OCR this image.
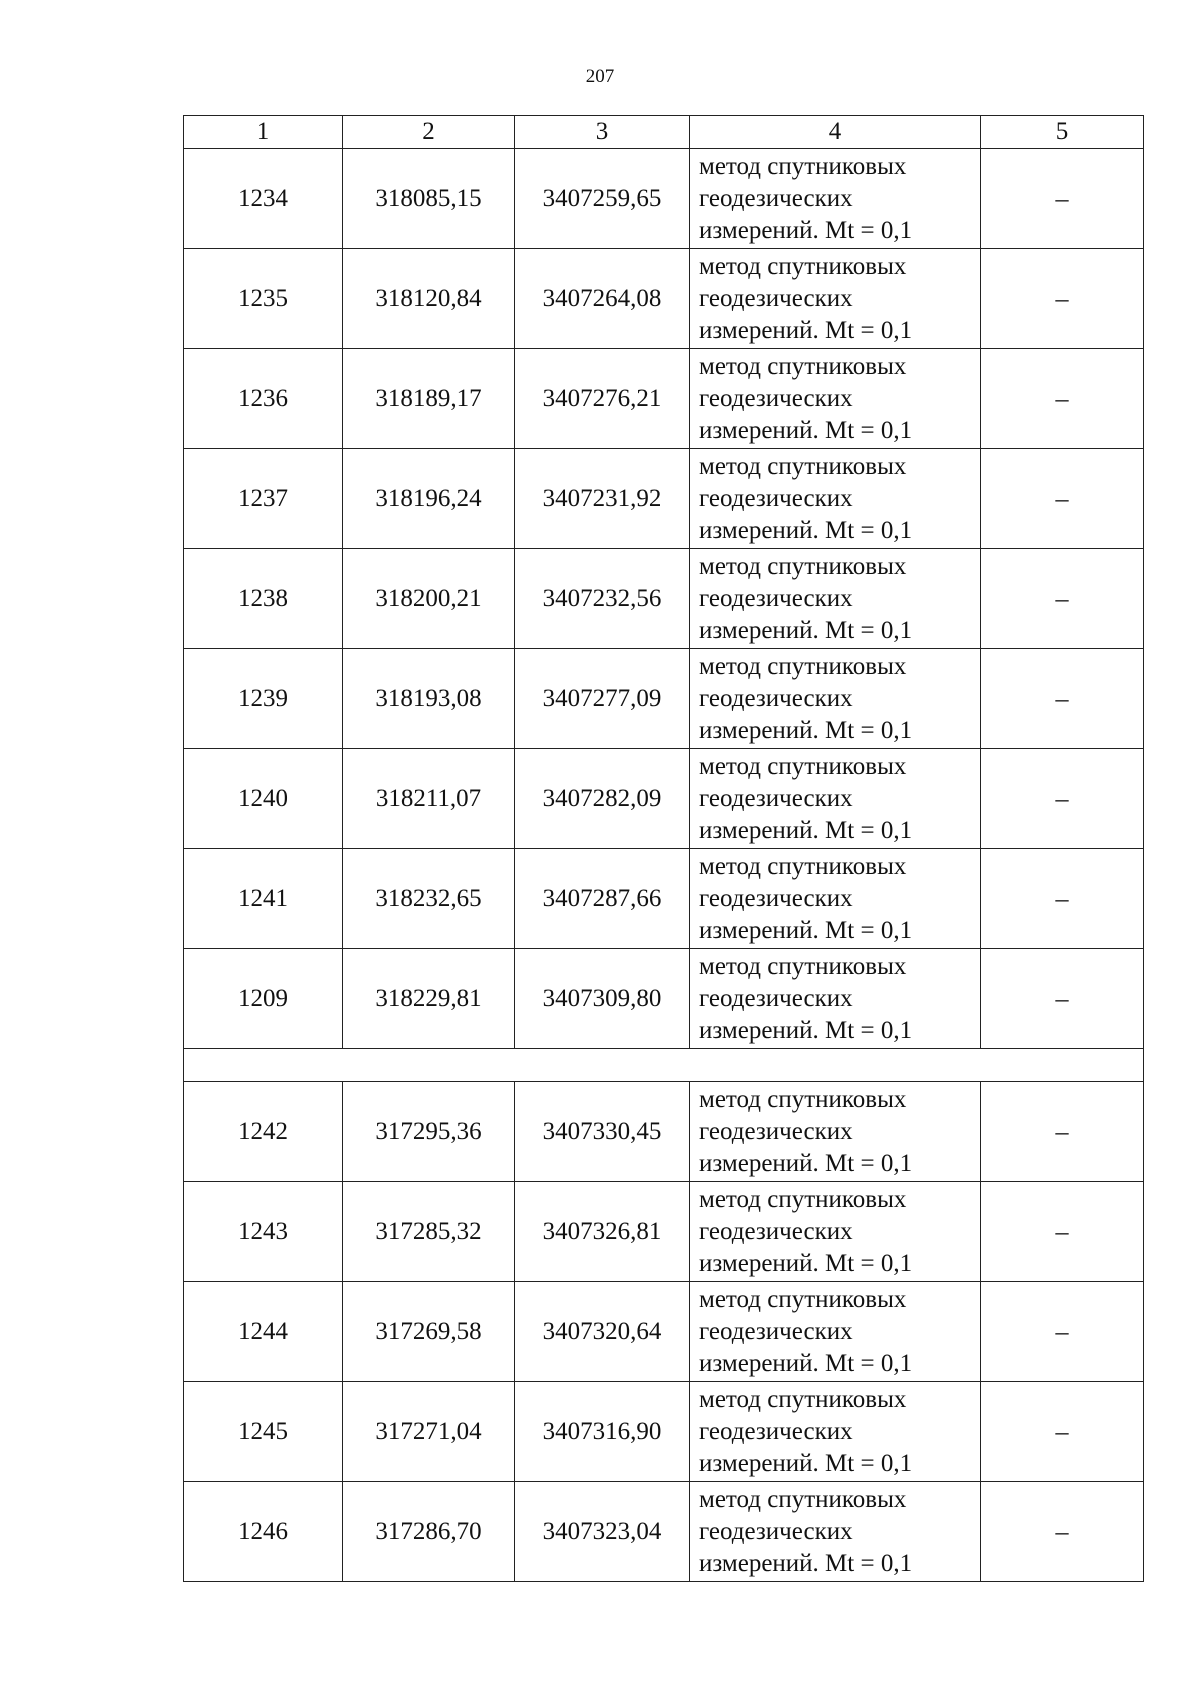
207
1	2	3	4	5
1234	318085,15	3407259,65	метод спутниковых
геодезических
измерений. Mt = 0,1	–
1235	318120,84	3407264,08	метод спутниковых
геодезических
измерений. Mt = 0,1	–
1236	318189,17	3407276,21	метод спутниковых
геодезических
измерений. Mt = 0,1	–
1237	318196,24	3407231,92	метод спутниковых
геодезических
измерений. Mt = 0,1	–
1238	318200,21	3407232,56	метод спутниковых
геодезических
измерений. Mt = 0,1	–
1239	318193,08	3407277,09	метод спутниковых
геодезических
измерений. Mt = 0,1	–
1240	318211,07	3407282,09	метод спутниковых
геодезических
измерений. Mt = 0,1	–
1241	318232,65	3407287,66	метод спутниковых
геодезических
измерений. Mt = 0,1	–
1209	318229,81	3407309,80	метод спутниковых
геодезических
измерений. Mt = 0,1	–

1242	317295,36	3407330,45	метод спутниковых
геодезических
измерений. Mt = 0,1	–
1243	317285,32	3407326,81	метод спутниковых
геодезических
измерений. Mt = 0,1	–
1244	317269,58	3407320,64	метод спутниковых
геодезических
измерений. Mt = 0,1	–
1245	317271,04	3407316,90	метод спутниковых
геодезических
измерений. Mt = 0,1	–
1246	317286,70	3407323,04	метод спутниковых
геодезических
измерений. Mt = 0,1	–
